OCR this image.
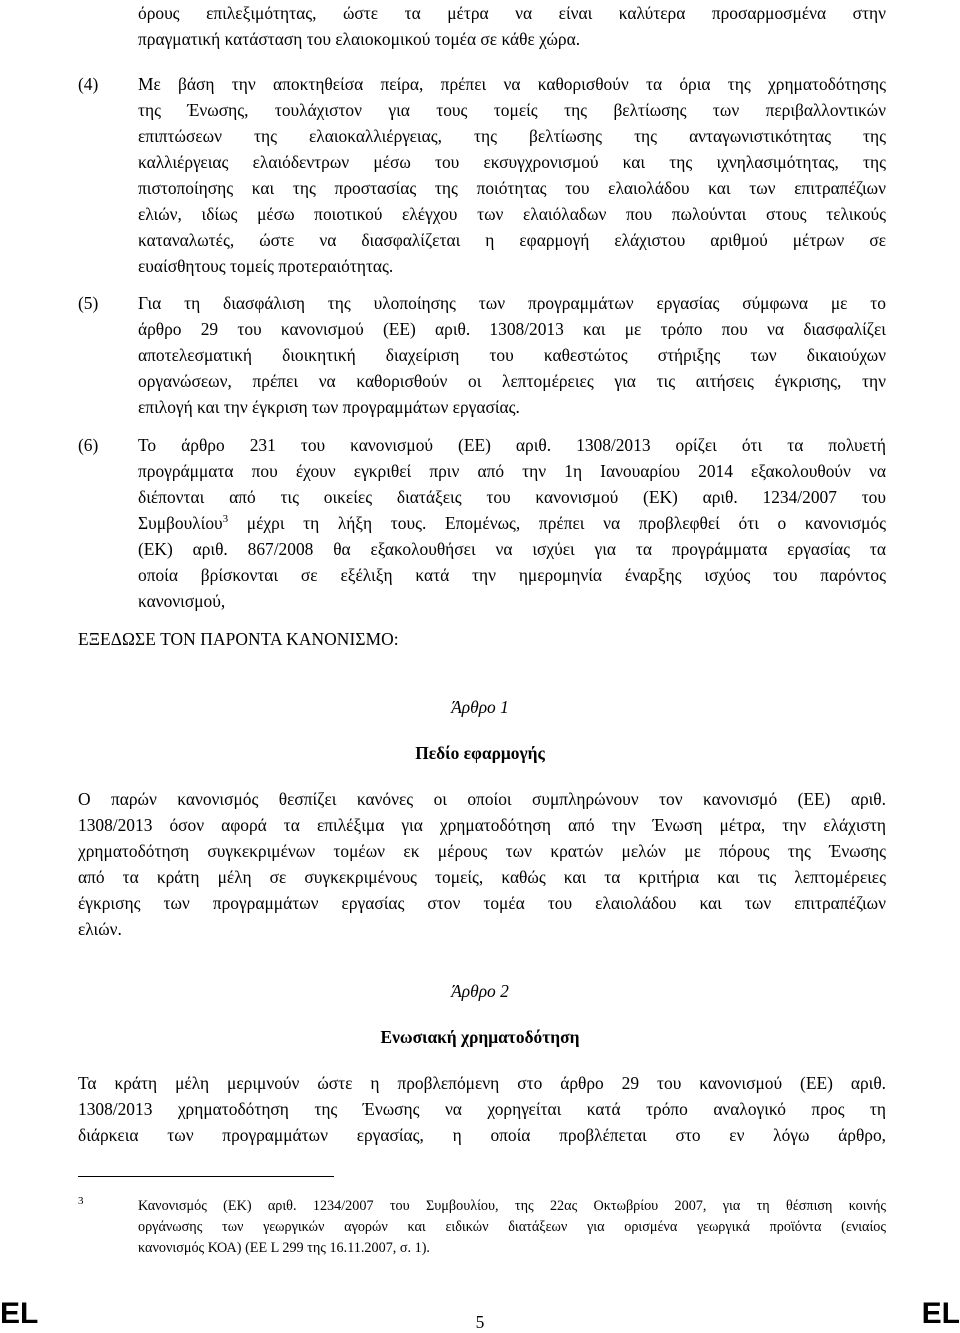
όρους επιλεξιμότητας, ώστε τα μέτρα να είναι καλύτερα προσαρμοσμένα στην
πραγματική κατάσταση του ελαιοκομικού τομέα σε κάθε χώρα.
(4)	Με βάση την αποκτηθείσα πείρα, πρέπει να καθορισθούν τα όρια της χρηματοδότησης
της Ένωσης, τουλάχιστον για τους τομείς της βελτίωσης των περιβαλλοντικών
επιπτώσεων της ελαιοκαλλιέργειας, της βελτίωσης της ανταγωνιστικότητας της
καλλιέργειας ελαιόδεντρων μέσω του εκσυγχρονισμού και της ιχνηλασιμότητας, της
πιστοποίησης και της προστασίας της ποιότητας του ελαιολάδου και των επιτραπέζιων
ελιών, ιδίως μέσω ποιοτικού ελέγχου των ελαιόλαδων που πωλούνται στους τελικούς
καταναλωτές, ώστε να διασφαλίζεται η εφαρμογή ελάχιστου αριθμού μέτρων σε
ευαίσθητους τομείς προτεραιότητας.
(5)	Για τη διασφάλιση της υλοποίησης των προγραμμάτων εργασίας σύμφωνα με το
άρθρο 29 του κανονισμού (ΕΕ) αριθ. 1308/2013 και με τρόπο που να διασφαλίζει
αποτελεσματική διοικητική διαχείριση του καθεστώτος στήριξης των δικαιούχων
οργανώσεων, πρέπει να καθορισθούν οι λεπτομέρειες για τις αιτήσεις έγκρισης, την
επιλογή και την έγκριση των προγραμμάτων εργασίας.
(6)	Το άρθρο 231 του κανονισμού (ΕΕ) αριθ. 1308/2013 ορίζει ότι τα πολυετή
προγράμματα που έχουν εγκριθεί πριν από την 1η Ιανουαρίου 2014 εξακολουθούν να
διέπονται από τις οικείες διατάξεις του κανονισμού (ΕΚ) αριθ. 1234/2007 του
Συμβουλίου$^3$ μέχρι τη λήξη τους. Επομένως, πρέπει να προβλεφθεί ότι ο κανονισμός
(ΕΚ) αριθ. 867/2008 θα εξακολουθήσει να ισχύει για τα προγράμματα εργασίας τα
οποία βρίσκονται σε εξέλιξη κατά την ημερομηνία έναρξης ισχύος του παρόντος
κανονισμού,
ΕΞΕΔΩΣΕ ΤΟΝ ΠΑΡΟΝΤΑ ΚΑΝΟΝΙΣΜΟ:
Άρθρο 1
Πεδίο εφαρμογής
Ο παρών κανονισμός θεσπίζει κανόνες οι οποίοι συμπληρώνουν τον κανονισμό (ΕΕ) αριθ.
1308/2013 όσον αφορά τα επιλέξιμα για χρηματοδότηση από την Ένωση μέτρα, την ελάχιστη
χρηματοδότηση συγκεκριμένων τομέων εκ μέρους των κρατών μελών με πόρους της Ένωσης
από τα κράτη μέλη σε συγκεκριμένους τομείς, καθώς και τα κριτήρια και τις λεπτομέρειες
έγκρισης των προγραμμάτων εργασίας στον τομέα του ελαιολάδου και των επιτραπέζιων
ελιών.
Άρθρο 2
Ενωσιακή χρηματοδότηση
Τα κράτη μέλη μεριμνούν ώστε η προβλεπόμενη στο άρθρο 29 του κανονισμού (ΕΕ) αριθ.
1308/2013 χρηματοδότηση της Ένωσης να χορηγείται κατά τρόπο αναλογικό προς τη
διάρκεια των προγραμμάτων εργασίας, η οποία προβλέπεται στο εν λόγω άρθρο,
3	Κανονισμός (ΕΚ) αριθ. 1234/2007 του Συμβουλίου, της 22ας Οκτωβρίου 2007, για τη θέσπιση κοινής
οργάνωσης των γεωργικών αγορών και ειδικών διατάξεων για ορισμένα γεωργικά προϊόντα (ενιαίος
κανονισμός ΚΟΑ) (ΕΕ L 299 της 16.11.2007, σ. 1).
EL	5	EL
